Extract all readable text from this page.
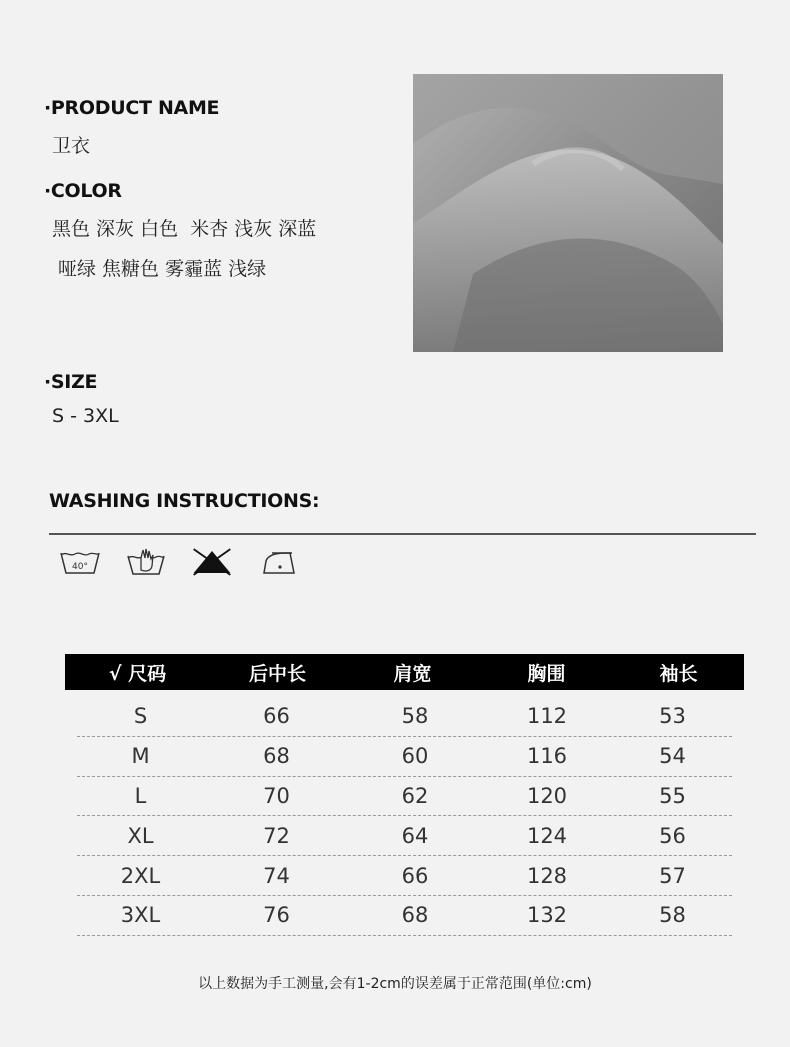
·PRODUCT NAME
卫衣
·COLOR
黑色 深灰 白色  米杏 浅灰 深蓝
哑绿 焦糖色 雾霾蓝 浅绿
·SIZE
S - 3XL
WASHING INSTRUCTIONS:
40°
√ 尺码	后中长	肩宽	胸围	袖长
S	66	58	112	53
M	68	60	116	54
L	70	62	120	55
XL	72	64	124	56
2XL	74	66	128	57
3XL	76	68	132	58
以上数据为手工测量,会有1-2cm的误差属于正常范围(单位:cm)
